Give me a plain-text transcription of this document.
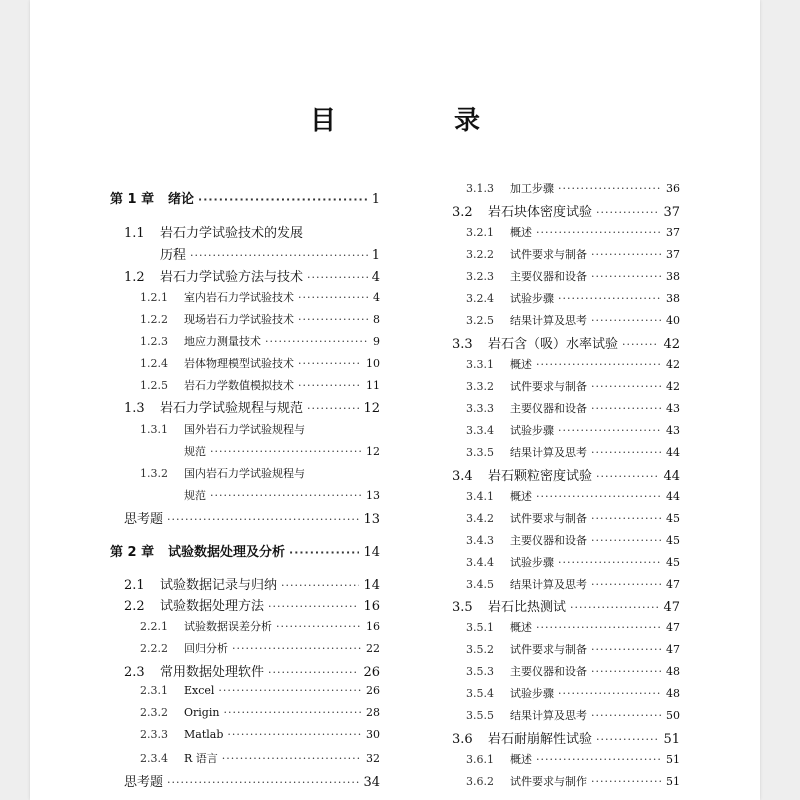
目　录
第 1 章	绪论 ·····	1
1.1	岩石力学试验技术的发展
历程 ·····	1
1.2	岩石力学试验方法与技术 ·····	4
1.2.1	室内岩石力学试验技术 ·····	4
1.2.2	现场岩石力学试验技术 ·····	8
1.2.3	地应力测量技术 ·····	9
1.2.4	岩体物理模型试验技术 ·····	10
1.2.5	岩石力学数值模拟技术 ·····	11
1.3	岩石力学试验规程与规范 ·····	12
1.3.1	国外岩石力学试验规程与
规范 ·····	12
1.3.2	国内岩石力学试验规程与
规范 ·····	13
思考题 ·····	13
第 2 章	试验数据处理及分析 ·····	14
2.1	试验数据记录与归纳 ·····	14
2.2	试验数据处理方法 ·····	16
2.2.1	试验数据误差分析 ·····	16
2.2.2	回归分析 ·····	22
2.3	常用数据处理软件 ·····	26
2.3.1	Excel ·····	26
2.3.2	Origin ·····	28
2.3.3	Matlab ·····	30
2.3.4	R 语言 ·····	32
思考题 ·····	34
3.1.3	加工步骤 ·····	36
3.2	岩石块体密度试验 ·····	37
3.2.1	概述 ·····	37
3.2.2	试件要求与制备 ·····	37
3.2.3	主要仪器和设备 ·····	38
3.2.4	试验步骤 ·····	38
3.2.5	结果计算及思考 ·····	40
3.3	岩石含（吸）水率试验 ·····	42
3.3.1	概述 ·····	42
3.3.2	试件要求与制备 ·····	42
3.3.3	主要仪器和设备 ·····	43
3.3.4	试验步骤 ·····	43
3.3.5	结果计算及思考 ·····	44
3.4	岩石颗粒密度试验 ·····	44
3.4.1	概述 ·····	44
3.4.2	试件要求与制备 ·····	45
3.4.3	主要仪器和设备 ·····	45
3.4.4	试验步骤 ·····	45
3.4.5	结果计算及思考 ·····	47
3.5	岩石比热测试 ·····	47
3.5.1	概述 ·····	47
3.5.2	试件要求与制备 ·····	47
3.5.3	主要仪器和设备 ·····	48
3.5.4	试验步骤 ·····	48
3.5.5	结果计算及思考 ·····	50
3.6	岩石耐崩解性试验 ·····	51
3.6.1	概述 ·····	51
3.6.2	试件要求与制作 ·····	51
